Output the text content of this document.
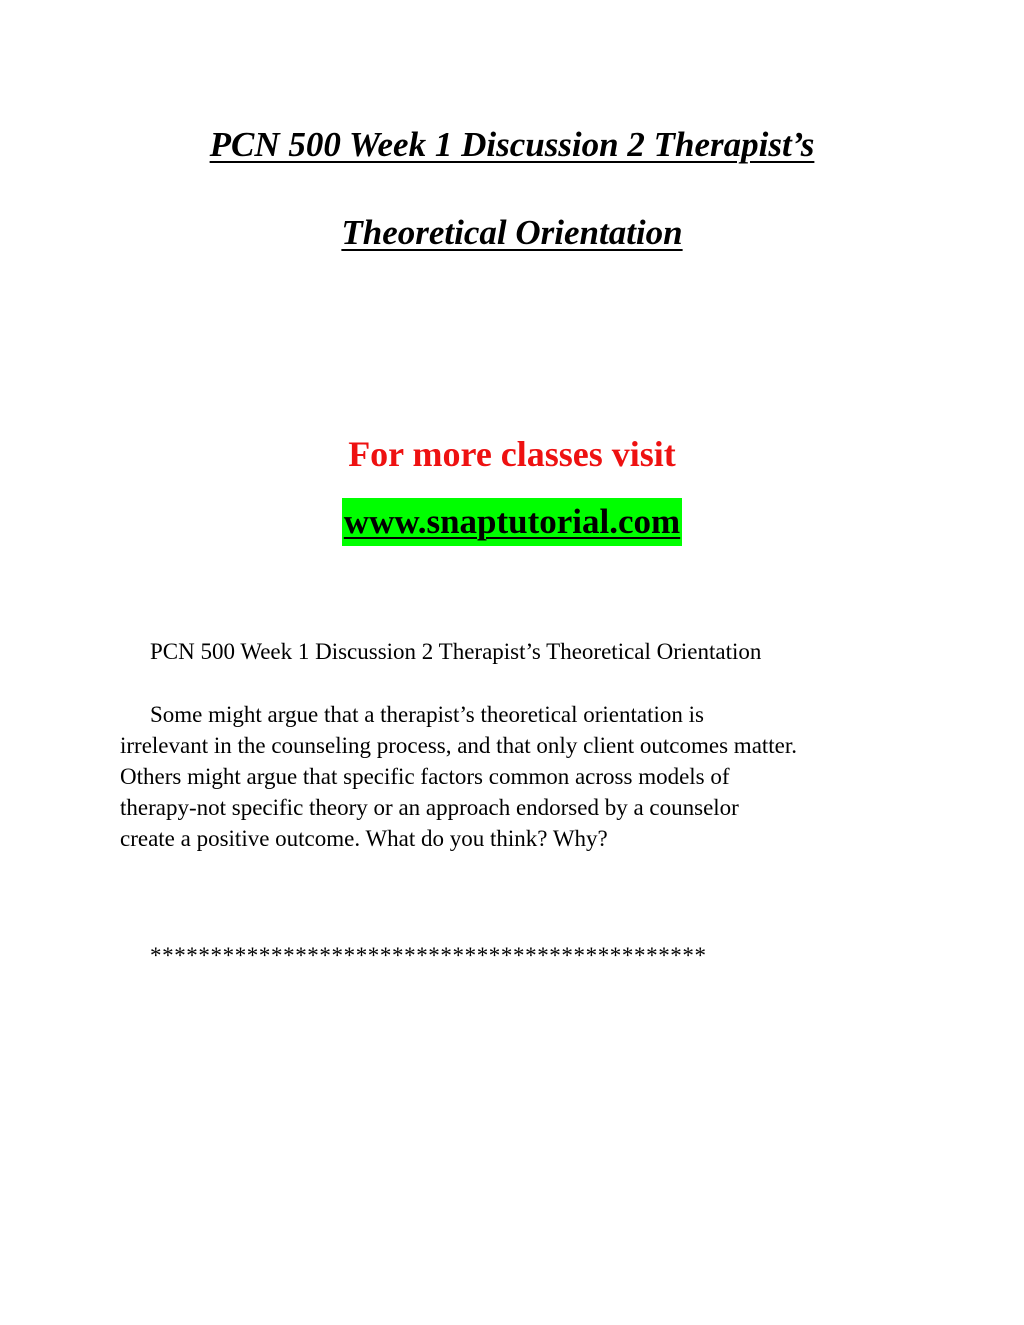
PCN 500 Week 1 Discussion 2 Therapist’s
Theoretical Orientation
For more classes visit
www.snaptutorial.com
PCN 500 Week 1 Discussion 2 Therapist’s Theoretical Orientation
Some might argue that a therapist’s theoretical orientation is
irrelevant in the counseling process, and that only client outcomes matter.
Others might argue that specific factors common across models of
therapy-not specific theory or an approach endorsed by a counselor
create a positive outcome. What do you think? Why?
**********************************************
